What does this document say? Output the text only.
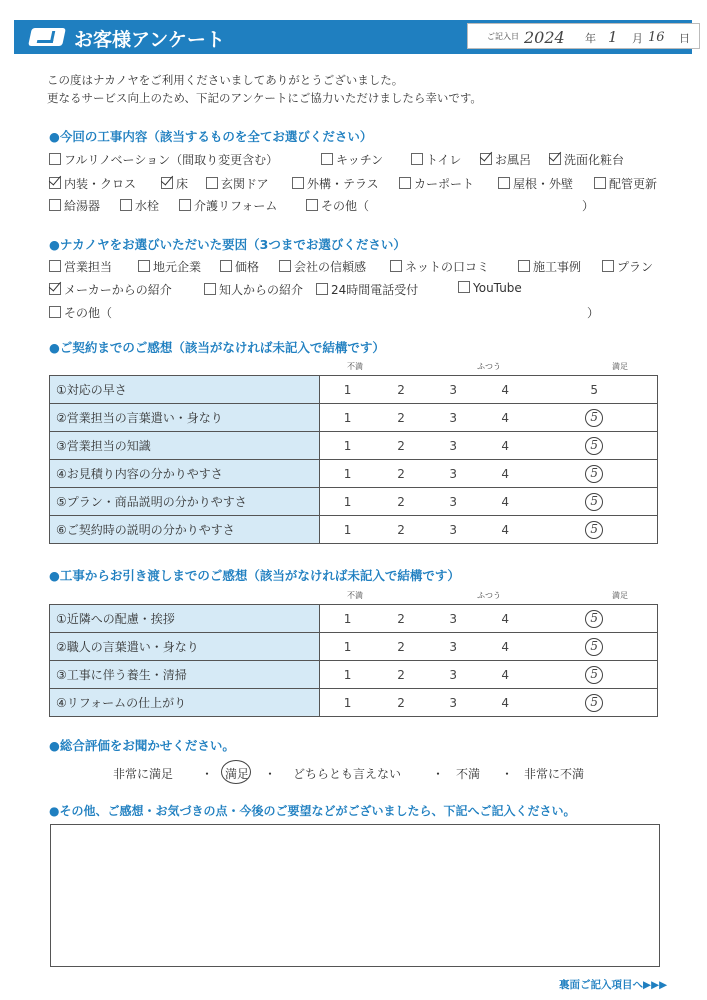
お客様アンケート	ご記入日 2024 年 1 月 16 日
この度はナカノヤをご利用くださいましてありがとうございました。
更なるサービス向上のため、下記のアンケートにご協力いただけましたら幸いです。
●今回の工事内容（該当するものを全てお選びください）
フルリノベーション（間取り変更含む）	キッチン	トイレ	お風呂	洗面化粧台
内装・クロス	床	玄関ドア	外構・テラス	カーポート	屋根・外壁	配管更新
給湯器	水栓	介護リフォーム	その他（	）
●ナカノヤをお選びいただいた要因（3つまでお選びください）
営業担当	地元企業	価格	会社の信頼感	ネットの口コミ	施工事例	プラン
メーカーからの紹介	知人からの紹介	24時間電話受付	YouTube
その他（	）
●ご契約までのご感想（該当がなければ未記入で結構です）
不満	ふつう	満足
①対応の早さ	1	2	3	4	5
②営業担当の言葉遣い・身なり	1	2	3	4	5
③営業担当の知識	1	2	3	4	5
④お見積り内容の分かりやすさ	1	2	3	4	5
⑤プラン・商品説明の分かりやすさ	1	2	3	4	5
⑥ご契約時の説明の分かりやすさ	1	2	3	4	5
●工事からお引き渡しまでのご感想（該当がなければ未記入で結構です）
不満	ふつう	満足
①近隣への配慮・挨拶	1	2	3	4	5
②職人の言葉遣い・身なり	1	2	3	4	5
③工事に伴う養生・清掃	1	2	3	4	5
④リフォームの仕上がり	1	2	3	4	5
●総合評価をお聞かせください。
非常に満足 ・ 満足 ・ どちらとも言えない	・ 不満 ・ 非常に不満
●その他、ご感想・お気づきの点・今後のご要望などがございましたら、下記へご記入ください。
裏面ご記入項目へ▶▶▶
